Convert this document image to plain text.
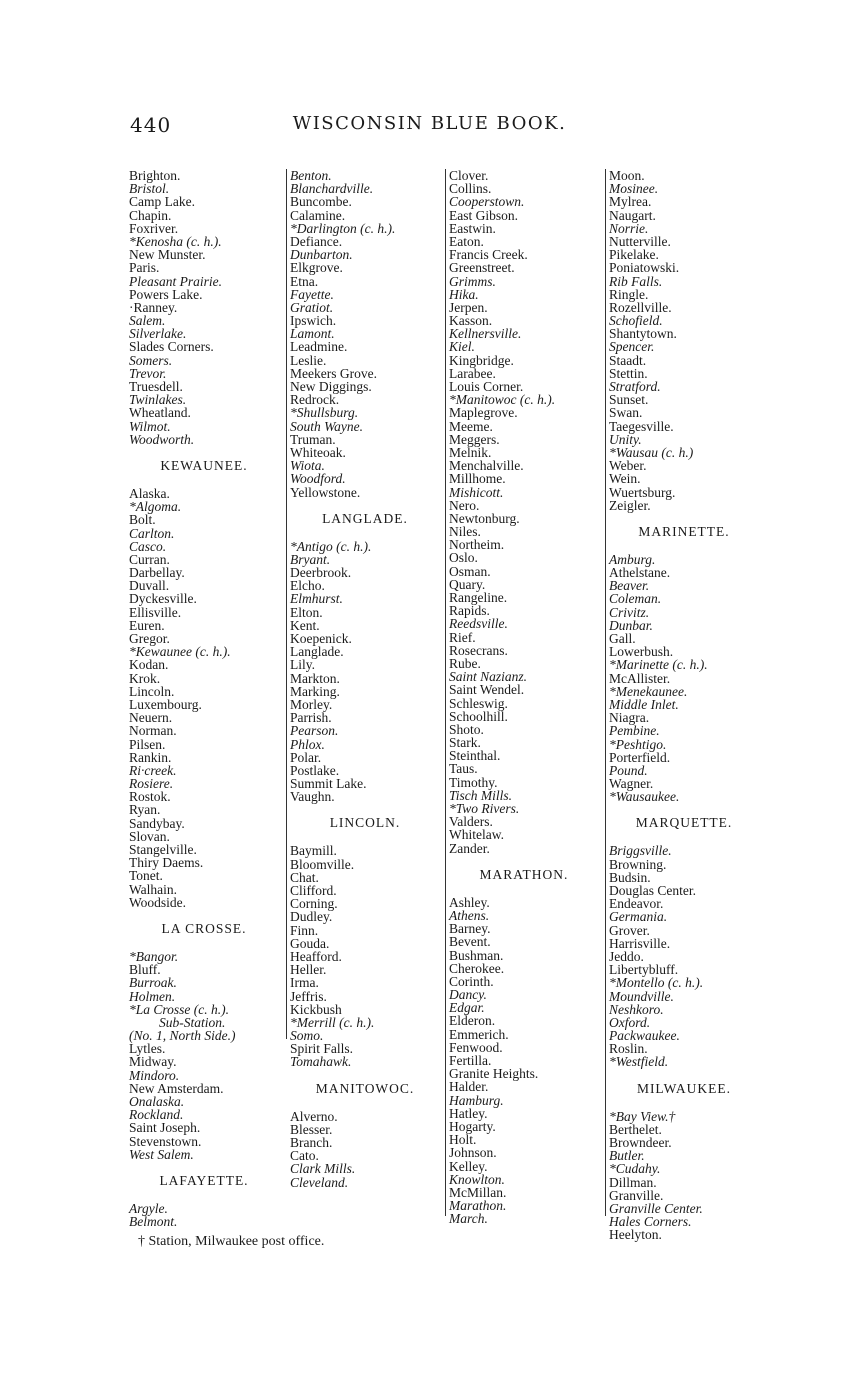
440	WISCONSIN BLUE BOOK.
Brighton.
Bristol.
Camp Lake.
Chapin.
Foxriver.
*Kenosha (c. h.).
New Munster.
Paris.
Pleasant Prairie.
Powers Lake.
·Ranney.
Salem.
Silverlake.
Slades Corners.
Somers.
Trevor.
Truesdell.
Twinlakes.
Wheatland.
Wilmot.
Woodworth.
KEWAUNEE.
Alaska.
*Algoma.
Bolt.
Carlton.
Casco.
Curran.
Darbellay.
Duvall.
Dyckesville.
Ellisville.
Euren.
Gregor.
*Kewaunee (c. h.).
Kodan.
Krok.
Lincoln.
Luxembourg.
Neuern.
Norman.
Pilsen.
Rankin.
Ri·creek.
Rosiere.
Rostok.
Ryan.
Sandybay.
Slovan.
Stangelville.
Thiry Daems.
Tonet.
Walhain.
Woodside.
LA CROSSE.
*Bangor.
Bluff.
Burroak.
Holmen.
*La Crosse (c. h.).
Sub-Station.
(No. 1, North Side.)
Lytles.
Midway.
Mindoro.
New Amsterdam.
Onalaska.
Rockland.
Saint Joseph.
Stevenstown.
West Salem.
LAFAYETTE.
Argyle.
Belmont.
Benton.
Blanchardville.
Buncombe.
Calamine.
*Darlington (c. h.).
Defiance.
Dunbarton.
Elkgrove.
Etna.
Fayette.
Gratiot.
Ipswich.
Lamont.
Leadmine.
Leslie.
Meekers Grove.
New Diggings.
Redrock.
*Shullsburg.
South Wayne.
Truman.
Whiteoak.
Wiota.
Woodford.
Yellowstone.
LANGLADE.
*Antigo (c. h.).
Bryant.
Deerbrook.
Elcho.
Elmhurst.
Elton.
Kent.
Koepenick.
Langlade.
Lily.
Markton.
Marking.
Morley.
Parrish.
Pearson.
Phlox.
Polar.
Postlake.
Summit Lake.
Vaughn.
LINCOLN.
Baymill.
Bloomville.
Chat.
Clifford.
Corning.
Dudley.
Finn.
Gouda.
Heafford.
Heller.
Irma.
Jeffris.
Kickbush
*Merrill (c. h.).
Somo.
Spirit Falls.
Tomahawk.
MANITOWOC.
Alverno.
Blesser.
Branch.
Cato.
Clark Mills.
Cleveland.
Clover.
Collins.
Cooperstown.
East Gibson.
Eastwin.
Eaton.
Francis Creek.
Greenstreet.
Grimms.
Hika.
Jerpen.
Kasson.
Kellnersville.
Kiel.
Kingbridge.
Larabee.
Louis Corner.
*Manitowoc (c. h.).
Maplegrove.
Meeme.
Meggers.
Melnik.
Menchalville.
Millhome.
Mishicott.
Nero.
Newtonburg.
Niles.
Northeim.
Oslo.
Osman.
Quary.
Rangeline.
Rapids.
Reedsville.
Rief.
Rosecrans.
Rube.
Saint Nazianz.
Saint Wendel.
Schleswig.
Schoolhill.
Shoto.
Stark.
Steinthal.
Taus.
Timothy.
Tisch Mills.
*Two Rivers.
Valders.
Whitelaw.
Zander.
MARATHON.
Ashley.
Athens.
Barney.
Bevent.
Bushman.
Cherokee.
Corinth.
Dancy.
Edgar.
Elderon.
Emmerich.
Fenwood.
Fertilla.
Granite Heights.
Halder.
Hamburg.
Hatley.
Hogarty.
Holt.
Johnson.
Kelley.
Knowlton.
McMillan.
Marathon.
March.
Moon.
Mosinee.
Mylrea.
Naugart.
Norrie.
Nutterville.
Pikelake.
Poniatowski.
Rib Falls.
Ringle.
Rozellville.
Schofield.
Shantytown.
Spencer.
Staadt.
Stettin.
Stratford.
Sunset.
Swan.
Taegesville.
Unity.
*Wausau (c. h.)
Weber.
Wein.
Wuertsburg.
Zeigler.
MARINETTE.
Amburg.
Athelstane.
Beaver.
Coleman.
Crivitz.
Dunbar.
Gall.
Lowerbush.
*Marinette (c. h.).
McAllister.
*Menekaunee.
Middle Inlet.
Niagra.
Pembine.
*Peshtigo.
Porterfield.
Pound.
Wagner.
*Wausaukee.
MARQUETTE.
Briggsville.
Browning.
Budsin.
Douglas Center.
Endeavor.
Germania.
Grover.
Harrisville.
Jeddo.
Libertybluff.
*Montello (c. h.).
Moundville.
Neshkoro.
Oxford.
Packwaukee.
Roslin.
*Westfield.
MILWAUKEE.
*Bay View.†
Berthelet.
Browndeer.
Butler.
*Cudahy.
Dillman.
Granville.
Granville Center.
Hales Corners.
Heelyton.
† Station, Milwaukee post office.
